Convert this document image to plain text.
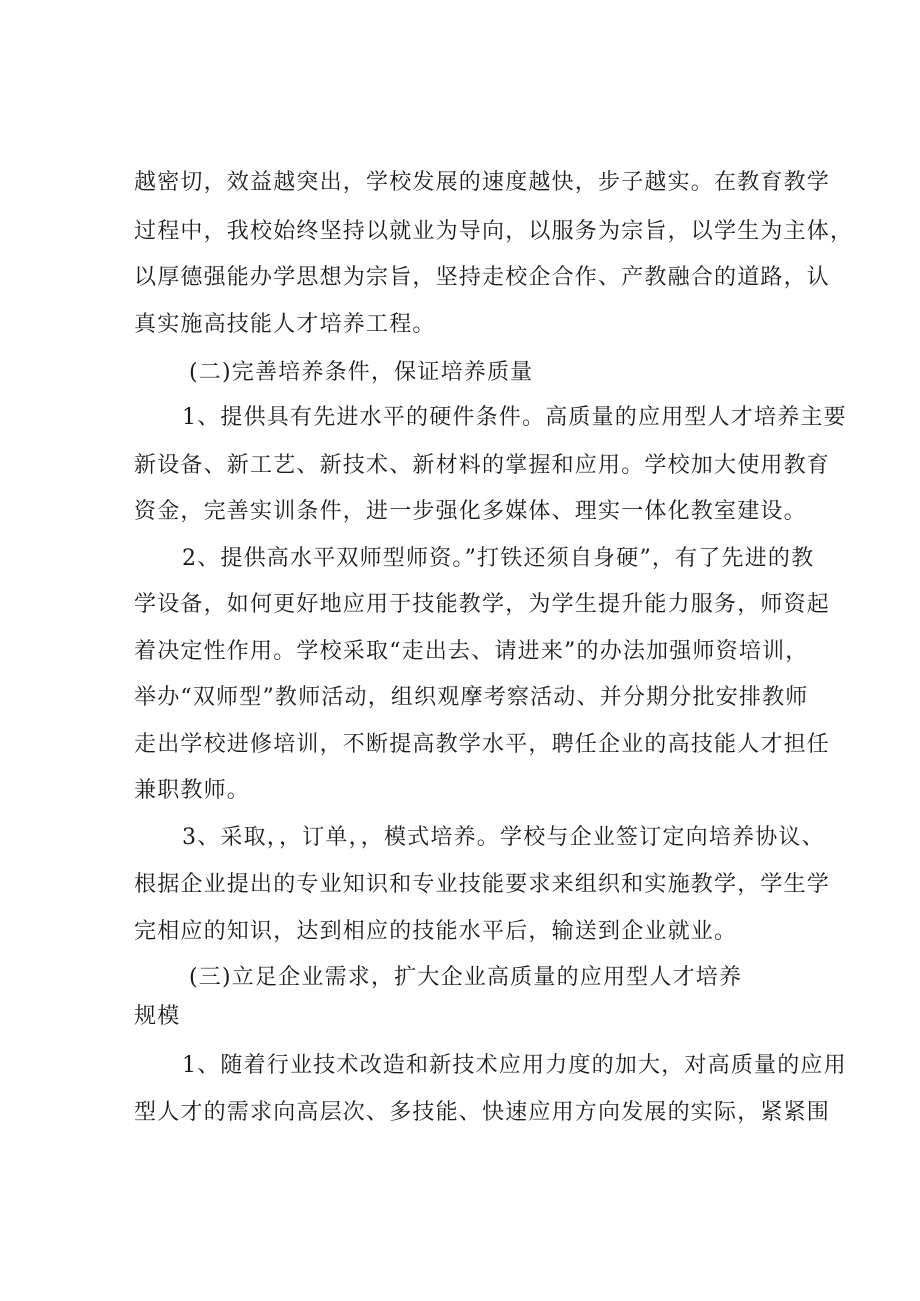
越密切，效益越突出，学校发展的速度越快，步子越实。在教育教学
过程中，我校始终坚持以就业为导向，以服务为宗旨，以学生为主体，
以厚德强能办学思想为宗旨，坚持走校企合作、产教融合的道路，认
真实施高技能人才培养工程。
(二)完善培养条件，保证培养质量
1、提供具有先进水平的硬件条件。高质量的应用型人才培养主要
新设备、新工艺、新技术、新材料的掌握和应用。学校加大使用教育
资金，完善实训条件，进一步强化多媒体、理实一体化教室建设。
2、提供高水平双师型师资。”打铁还须自身硬”，有了先进的教
学设备，如何更好地应用于技能教学，为学生提升能力服务，师资起
着决定性作用。学校采取“走出去、请进来”的办法加强师资培训，
举办“双师型”教师活动，组织观摩考察活动、并分期分批安排教师
走出学校进修培训，不断提高教学水平，聘任企业的高技能人才担任
兼职教师。
3、采取，，订单，，模式培养。学校与企业签订定向培养协议、
根据企业提出的专业知识和专业技能要求来组织和实施教学，学生学
完相应的知识，达到相应的技能水平后，输送到企业就业。
(三)立足企业需求，扩大企业高质量的应用型人才培养
规模
1、随着行业技术改造和新技术应用力度的加大，对高质量的应用
型人才的需求向高层次、多技能、快速应用方向发展的实际，紧紧围
